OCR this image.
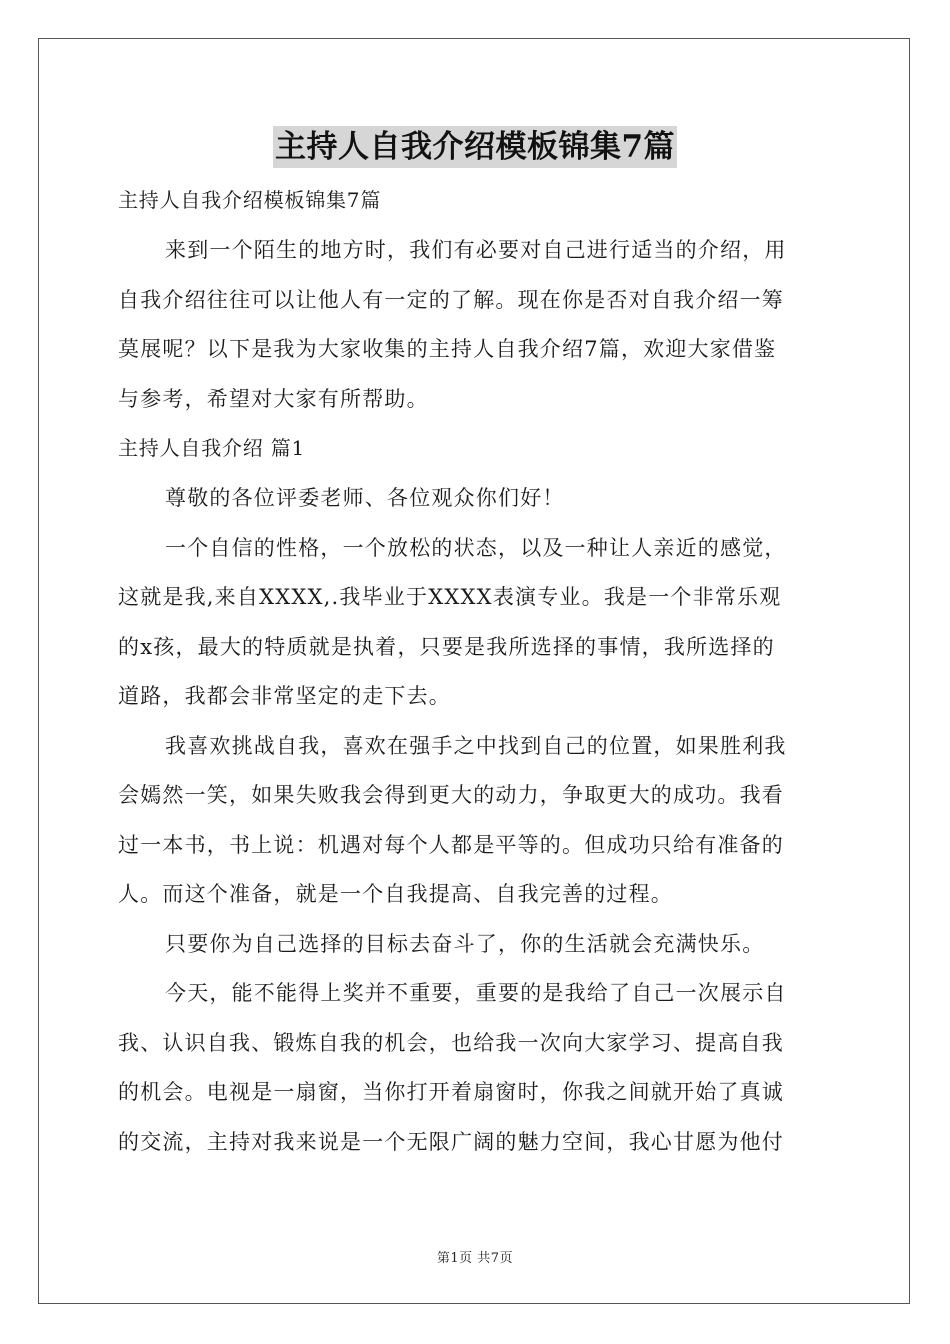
主持人自我介绍模板锦集7篇

主持人自我介绍模板锦集7篇

来到一个陌生的地方时，我们有必要对自己进行适当的介绍，用

自我介绍往往可以让他人有一定的了解。现在你是否对自我介绍一筹

莫展呢？以下是我为大家收集的主持人自我介绍7篇，欢迎大家借鉴

与参考，希望对大家有所帮助。

主持人自我介绍 篇1

尊敬的各位评委老师、各位观众你们好！

一个自信的性格，一个放松的状态，以及一种让人亲近的感觉，

这就是我,来自XXXX,.我毕业于XXXX表演专业。我是一个非常乐观

的x孩，最大的特质就是执着，只要是我所选择的事情，我所选择的

道路，我都会非常坚定的走下去。

我喜欢挑战自我，喜欢在强手之中找到自己的位置，如果胜利我

会嫣然一笑，如果失败我会得到更大的动力，争取更大的成功。我看

过一本书，书上说：机遇对每个人都是平等的。但成功只给有准备的

人。而这个准备，就是一个自我提高、自我完善的过程。

只要你为自己选择的目标去奋斗了，你的生活就会充满快乐。

今天，能不能得上奖并不重要，重要的是我给了自己一次展示自

我、认识自我、锻炼自我的机会，也给我一次向大家学习、提高自我

的机会。电视是一扇窗，当你打开着扇窗时，你我之间就开始了真诚

的交流，主持对我来说是一个无限广阔的魅力空间，我心甘愿为他付

第1页 共7页
